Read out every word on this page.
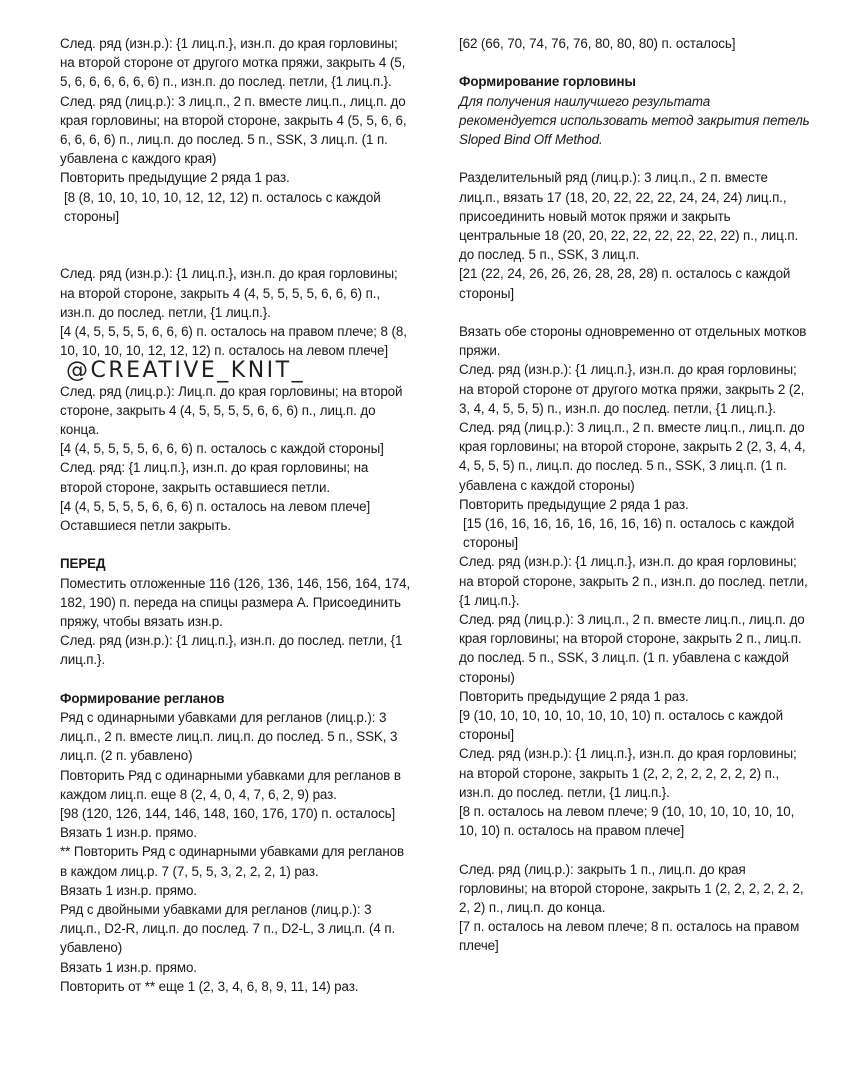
След. ряд (изн.р.): {1 лиц.п.}, изн.п. до края горловины; на второй стороне от другого мотка пряжи, закрыть 4 (5, 5, 6, 6, 6, 6, 6, 6) п., изн.п. до послед. петли, {1 лиц.п.}.

След. ряд (лиц.р.): 3 лиц.п., 2 п. вместе лиц.п., лиц.п. до края горловины; на второй стороне, закрыть 4 (5, 5, 6, 6, 6, 6, 6, 6) п., лиц.п. до послед. 5 п., SSK, 3 лиц.п. (1 п. убавлена с каждого края)

Повторить предыдущие 2 ряда 1 раз.

[8 (8, 10, 10, 10, 10, 12, 12, 12) п. осталось с каждой стороны]

След. ряд (изн.р.): {1 лиц.п.}, изн.п. до края горловины; на второй стороне, закрыть 4 (4, 5, 5, 5, 5, 6, 6, 6) п., изн.п. до послед. петли, {1 лиц.п.}.

[4 (4, 5, 5, 5, 5, 6, 6, 6) п. осталось на правом плече; 8 (8, 10, 10, 10, 10, 12, 12, 12) п. осталось на левом плече] @CREATIVE_KNIT_

След. ряд (лиц.р.): Лиц.п. до края горловины; на второй стороне, закрыть 4 (4, 5, 5, 5, 5, 6, 6, 6) п., лиц.п. до конца.

[4 (4, 5, 5, 5, 5, 6, 6, 6) п. осталось с каждой стороны]

След. ряд: {1 лиц.п.}, изн.п. до края горловины; на второй стороне, закрыть оставшиеся петли.

[4 (4, 5, 5, 5, 5, 6, 6, 6) п. осталось на левом плече]

Оставшиеся петли закрыть.

ПЕРЕД

Поместить отложенные 116 (126, 136, 146, 156, 164, 174, 182, 190) п. переда на спицы размера A. Присоединить пряжу, чтобы вязать изн.р.

След. ряд (изн.р.): {1 лиц.п.}, изн.п. до послед. петли, {1 лиц.п.}.

Формирование регланов

Ряд с одинарными убавками для регланов (лиц.р.): 3 лиц.п., 2 п. вместе лиц.п. лиц.п. до послед. 5 п., SSK, 3 лиц.п. (2 п. убавлено)

Повторить Ряд с одинарными убавками для регланов в каждом лиц.п. еще 8 (2, 4, 0, 4, 7, 6, 2, 9) раз.

[98 (120, 126, 144, 146, 148, 160, 176, 170) п. осталось]

Вязать 1 изн.р. прямо.

** Повторить Ряд с одинарными убавками для регланов в каждом лиц.р. 7 (7, 5, 5, 3, 2, 2, 2, 1) раз.

Вязать 1 изн.р. прямо.

Ряд с двойными убавками для регланов (лиц.р.): 3 лиц.п., D2-R, лиц.п. до послед. 7 п., D2-L, 3 лиц.п. (4 п. убавлено)

Вязать 1 изн.р. прямо.

Повторить от ** еще 1 (2, 3, 4, 6, 8, 9, 11, 14) раз.

[62 (66, 70, 74, 76, 76, 80, 80, 80) п. осталось]

Формирование горловины

Для получения наилучшего результата рекомендуется использовать метод закрытия петель Sloped Bind Off Method.

Разделительный ряд (лиц.р.): 3 лиц.п., 2 п. вместе лиц.п., вязать 17 (18, 20, 22, 22, 22, 24, 24, 24) лиц.п., присоединить новый моток пряжи и закрыть центральные 18 (20, 20, 22, 22, 22, 22, 22, 22) п., лиц.п. до послед. 5 п., SSK, 3 лиц.п.

[21 (22, 24, 26, 26, 26, 28, 28, 28) п. осталось с каждой стороны]

Вязать обе стороны одновременно от отдельных мотков пряжи.

След. ряд (изн.р.): {1 лиц.п.}, изн.п. до края горловины; на второй стороне от другого мотка пряжи, закрыть 2 (2, 3, 4, 4, 5, 5, 5) п., изн.п. до послед. петли, {1 лиц.п.}.

След. ряд (лиц.р.): 3 лиц.п., 2 п. вместе лиц.п., лиц.п. до края горловины; на второй стороне, закрыть 2 (2, 3, 4, 4, 4, 5, 5, 5) п., лиц.п. до послед. 5 п., SSK, 3 лиц.п. (1 п. убавлена с каждой стороны)

Повторить предыдущие 2 ряда 1 раз.

[15 (16, 16, 16, 16, 16, 16, 16, 16) п. осталось с каждой стороны]

След. ряд (изн.р.): {1 лиц.п.}, изн.п. до края горловины; на второй стороне, закрыть 2 п., изн.п. до послед. петли, {1 лиц.п.}.

След. ряд (лиц.р.): 3 лиц.п., 2 п. вместе лиц.п., лиц.п. до края горловины; на второй стороне, закрыть 2 п., лиц.п. до послед. 5 п., SSK, 3 лиц.п. (1 п. убавлена с каждой стороны)

Повторить предыдущие 2 ряда 1 раз.

[9 (10, 10, 10, 10, 10, 10, 10, 10) п. осталось с каждой стороны]

След. ряд (изн.р.): {1 лиц.п.}, изн.п. до края горловины; на второй стороне, закрыть 1 (2, 2, 2, 2, 2, 2, 2, 2) п., изн.п. до послед. петли, {1 лиц.п.}.

[8 п. осталось на левом плече; 9 (10, 10, 10, 10, 10, 10, 10, 10) п. осталось на правом плече]

След. ряд (лиц.р.): закрыть 1 п., лиц.п. до края горловины; на второй стороне, закрыть 1 (2, 2, 2, 2, 2, 2, 2, 2) п., лиц.п. до конца.

[7 п. осталось на левом плече; 8 п. осталось на правом плече]
